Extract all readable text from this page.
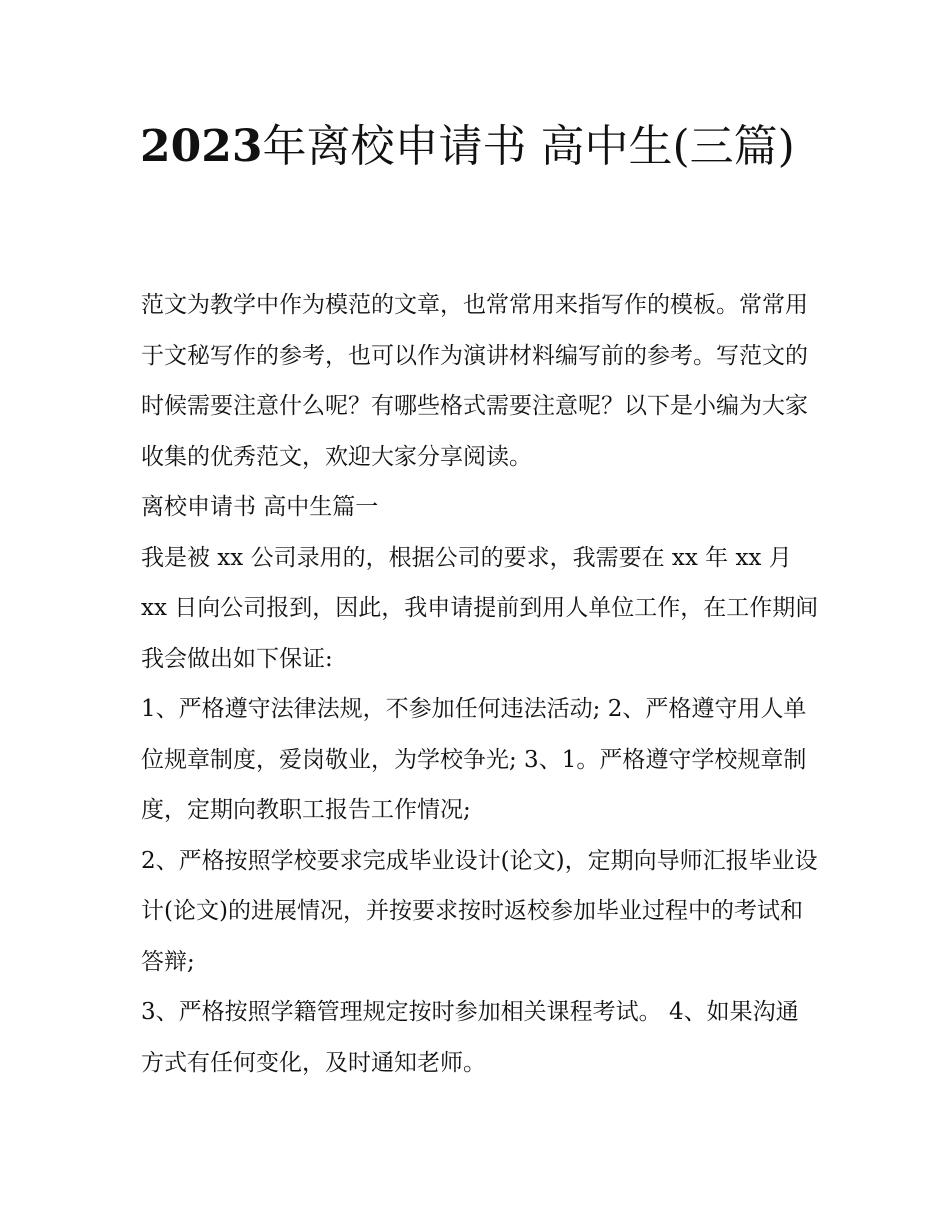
2023年离校申请书 高中生(三篇)

范文为教学中作为模范的文章，也常常用来指写作的模板。常常用于文秘写作的参考，也可以作为演讲材料编写前的参考。写范文的时候需要注意什么呢？有哪些格式需要注意呢？以下是小编为大家收集的优秀范文，欢迎大家分享阅读。

离校申请书 高中生篇一

我是被 xx 公司录用的，根据公司的要求，我需要在 xx 年 xx 月 xx 日向公司报到，因此，我申请提前到用人单位工作，在工作期间我会做出如下保证:

1、严格遵守法律法规，不参加任何违法活动; 2、严格遵守用人单位规章制度，爱岗敬业，为学校争光; 3、1。严格遵守学校规章制度，定期向教职工报告工作情况;

2、严格按照学校要求完成毕业设计(论文)，定期向导师汇报毕业设计(论文)的进展情况，并按要求按时返校参加毕业过程中的考试和答辩;

3、严格按照学籍管理规定按时参加相关课程考试。 4、如果沟通方式有任何变化，及时通知老师。
